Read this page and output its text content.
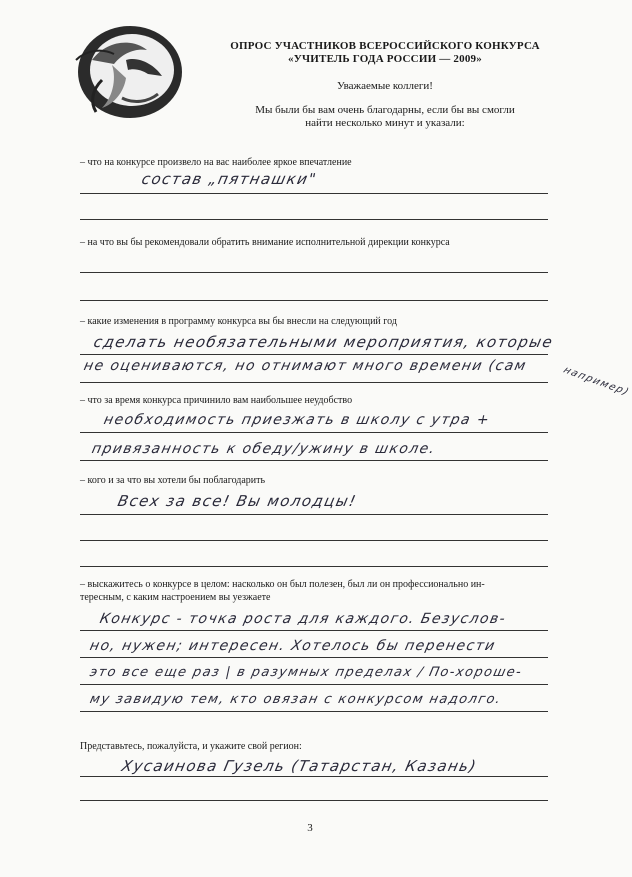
ОПРОС УЧАСТНИКОВ ВСЕРОССИЙСКОГО КОНКУРСА
«УЧИТЕЛЬ ГОДА РОССИИ — 2009»
Уважаемые коллеги!
Мы были бы вам очень благодарны, если бы вы смогли
найти несколько минут и указали:
– что на конкурсе произвело на вас наиболее яркое впечатление
состав „пятнашки"
– на что вы бы рекомендовали обратить внимание исполнительной дирекции конкурса
– какие изменения в программу конкурса вы бы внесли на следующий год
сделать необязательными мероприятия, которые
не оцениваются, но отнимают много времени (сам	например)
– что за время конкурса причинило вам наибольшее неудобство
необходимость приезжать в школу с утра +
привязанность к обеду/ужину в школе.
– кого и за что вы хотели бы поблагодарить
Всех за все! Вы молодцы!
– выскажитесь о конкурсе в целом: насколько он был полезен, был ли он профессионально ин-
тересным, с каким настроением вы уезжаете
Конкурс - точка роста для каждого. Безуслов-
но, нужен; интересен. Хотелось бы перенести
это все еще раз | в разумных пределах / По-хороше-
му завидую тем, кто овязан с конкурсом надолго.
Представьтесь, пожалуйста, и укажите свой регион:
Хусаинова Гузель (Татарстан, Казань)
3
